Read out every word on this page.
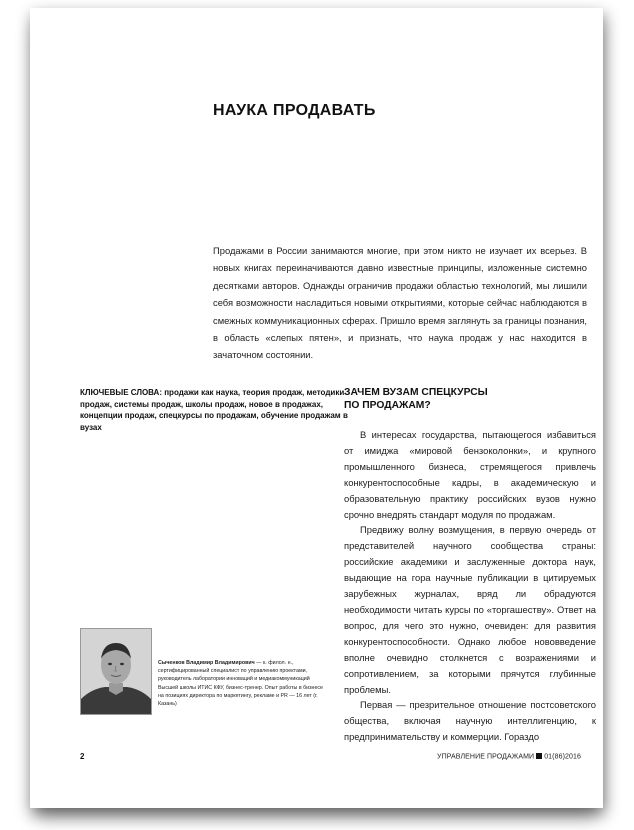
НАУКА ПРОДАВАТЬ

Продажами в России занимаются многие, при этом никто не изучает их всерьез. В новых книгах переиначиваются давно известные принципы, изложенные системно десятками авторов. Однажды ограничив продажи областью технологий, мы лишили себя возможности насладиться новыми открытиями, которые сейчас наблюдаются в смежных коммуникационных сферах. Пришло время заглянуть за границы познания, в область «слепых пятен», и признать, что наука продаж у нас находится в зачаточном состоянии.

КЛЮЧЕВЫЕ СЛОВА: продажи как наука, теория продаж, методики продаж, системы продаж, школы продаж, новое в продажах, концепции продаж, спецкурсы по продажам, обучение продажам в вузах

ЗАЧЕМ ВУЗАМ СПЕЦКУРСЫ
ПО ПРОДАЖАМ?

В интересах государства, пытающегося избавиться от имиджа «мировой бензоколонки», и крупного промышленного бизнеса, стремящегося привлечь конкурентоспособные кадры, в академическую и образовательную практику российских вузов нужно срочно внедрять стандарт модуля по продажам.

Предвижу волну возмущения, в первую очередь от представителей научного сообщества страны: российские академики и заслуженные доктора наук, выдающие на гора научные публикации в цитируемых зарубежных журналах, вряд ли обрадуются необходимости читать курсы по «торгашеству». Ответ на вопрос, для чего это нужно, очевиден: для развития конкурентоспособности. Однако любое нововведение вполне очевидно столкнется с возражениями и сопротивлением, за которыми прячутся глубинные проблемы.

Первая — презрительное отношение постсоветского общества, включая научную интеллигенцию, к предпринимательству и коммерции. Гораздо

Сыченков Владимир Владимирович — к. филол. н., сертифицированный специалист по управлению проектами, руководитель лаборатории инноваций и медиакоммуникаций Высшей школы ИТИС КФУ, бизнес-тренер. Опыт работы в бизнесе на позициях директора по маркетингу, рекламе и PR — 16 лет (г. Казань)

2	УПРАВЛЕНИЕ ПРОДАЖАМИ 01(86)2016
